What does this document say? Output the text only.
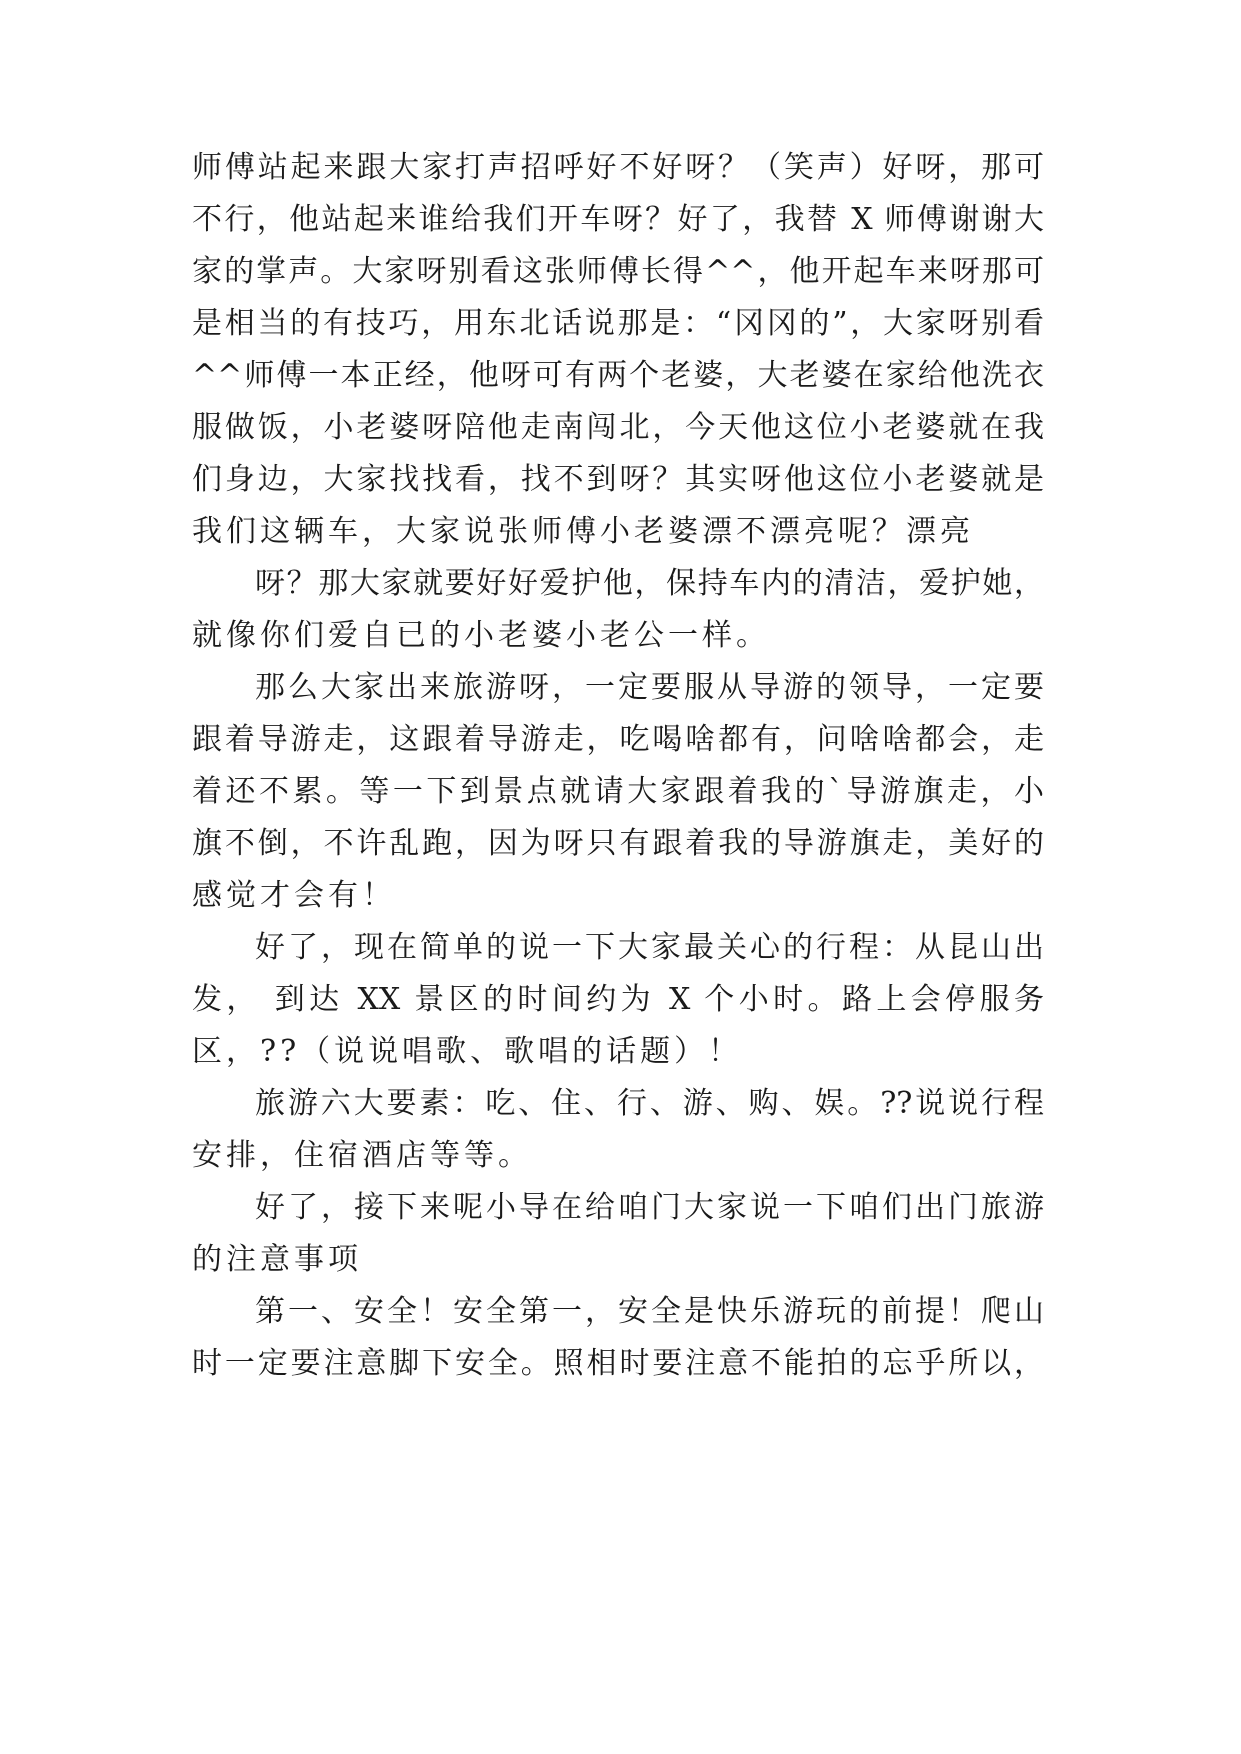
师傅站起来跟大家打声招呼好不好呀？（笑声）好呀，那可
不行，他站起来谁给我们开车呀？好了，我替 X 师傅谢谢大
家的掌声。大家呀别看这张师傅长得^^，他开起车来呀那可
是相当的有技巧，用东北话说那是：“冈冈的”，大家呀别看
^^师傅一本正经，他呀可有两个老婆，大老婆在家给他洗衣
服做饭，小老婆呀陪他走南闯北，今天他这位小老婆就在我
们身边，大家找找看，找不到呀？其实呀他这位小老婆就是
我们这辆车，大家说张师傅小老婆漂不漂亮呢？漂亮
呀？那大家就要好好爱护他，保持车内的清洁，爱护她，
就像你们爱自已的小老婆小老公一样。
那么大家出来旅游呀，一定要服从导游的领导，一定要
跟着导游走，这跟着导游走，吃喝啥都有，问啥啥都会，走
着还不累。等一下到景点就请大家跟着我的`导游旗走，小
旗不倒，不许乱跑，因为呀只有跟着我的导游旗走，美好的
感觉才会有！
好了，现在简单的说一下大家最关心的行程：从昆山出
发， 到达 XX 景区的时间约为 X 个小时。路上会停服务
区，??（说说唱歌、歌唱的话题）！
旅游六大要素：吃、住、行、游、购、娱。??说说行程
安排，住宿酒店等等。
好了，接下来呢小导在给咱门大家说一下咱们出门旅游
的注意事项
第一、安全！安全第一，安全是快乐游玩的前提！爬山
时一定要注意脚下安全。照相时要注意不能拍的忘乎所以，
